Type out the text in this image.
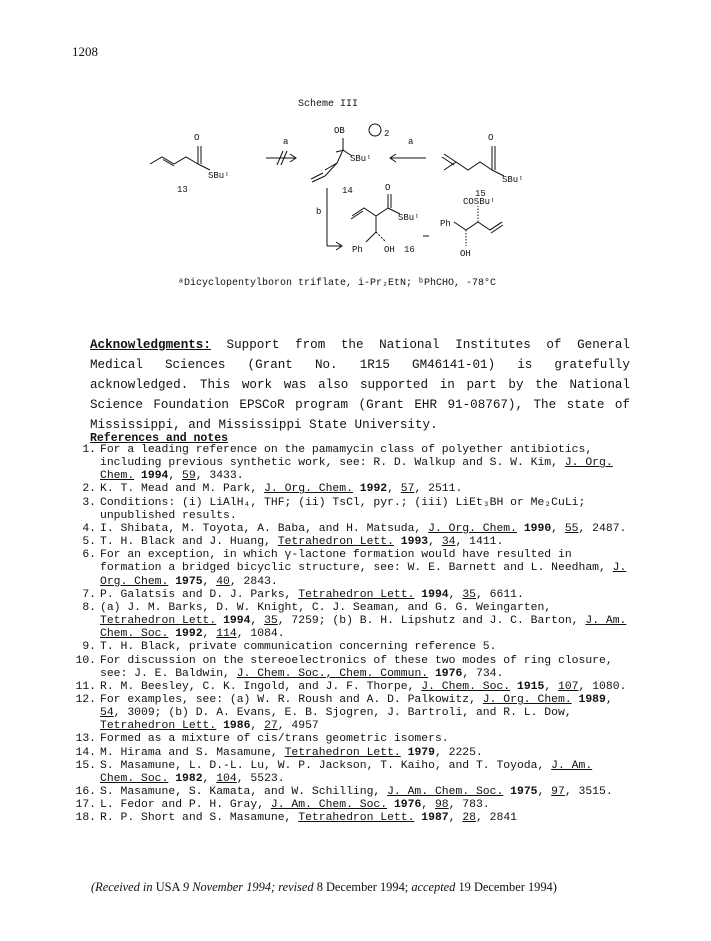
1208
Scheme III
O
SBuᵗ
13
a
OB	2
SBuᵗ
14
a	O
SBuᵗ
15
b
O
SBuᵗ
Ph OH 16
COSBuᵗ
Ph
OH
ᵃDicyclopentylboron triflate, i-Pr₂EtN; ᵇPhCHO, -78°C

Acknowledgments: Support from the National Institutes of General Medical Sciences (Grant No. 1R15 GM46141-01) is gratefully acknowledged. This work was also supported in part by the National Science Foundation EPSCoR program (Grant EHR 91-08767), The state of Mississippi, and Mississippi State University.

References and notes
1. For a leading reference on the pamamycin class of polyether antibiotics, including previous synthetic work, see: R. D. Walkup and S. W. Kim, J. Org. Chem. 1994, 59, 3433.
2. K. T. Mead and M. Park, J. Org. Chem. 1992, 57, 2511.
3. Conditions: (i) LiAlH₄, THF; (ii) TsCl, pyr.; (iii) LiEt₃BH or Me₂CuLi; unpublished results.
4. I. Shibata, M. Toyota, A. Baba, and H. Matsuda, J. Org. Chem. 1990, 55, 2487.
5. T. H. Black and J. Huang, Tetrahedron Lett. 1993, 34, 1411.
6. For an exception, in which γ-lactone formation would have resulted in formation a bridged bicyclic structure, see: W. E. Barnett and L. Needham, J. Org. Chem. 1975, 40, 2843.
7. P. Galatsis and D. J. Parks, Tetrahedron Lett. 1994, 35, 6611.
8. (a) J. M. Barks, D. W. Knight, C. J. Seaman, and G. G. Weingarten, Tetrahedron Lett. 1994, 35, 7259; (b) B. H. Lipshutz and J. C. Barton, J. Am. Chem. Soc. 1992, 114, 1084.
9. T. H. Black, private communication concerning reference 5.
10. For discussion on the stereoelectronics of these two modes of ring closure, see: J. E. Baldwin, J. Chem. Soc., Chem. Commun. 1976, 734.
11. R. M. Beesley, C. K. Ingold, and J. F. Thorpe, J. Chem. Soc. 1915, 107, 1080.
12. For examples, see: (a) W. R. Roush and A. D. Palkowitz, J. Org. Chem. 1989, 54, 3009; (b) D. A. Evans, E. B. Sjogren, J. Bartroli, and R. L. Dow, Tetrahedron Lett. 1986, 27, 4957
13. Formed as a mixture of cis/trans geometric isomers.
14. M. Hirama and S. Masamune, Tetrahedron Lett. 1979, 2225.
15. S. Masamune, L. D.-L. Lu, W. P. Jackson, T. Kaiho, and T. Toyoda, J. Am. Chem. Soc. 1982, 104, 5523.
16. S. Masamune, S. Kamata, and W. Schilling, J. Am. Chem. Soc. 1975, 97, 3515.
17. L. Fedor and P. H. Gray, J. Am. Chem. Soc. 1976, 98, 783.
18. R. P. Short and S. Masamune, Tetrahedron Lett. 1987, 28, 2841
(Received in USA 9 November 1994; revised 8 December 1994; accepted 19 December 1994)
